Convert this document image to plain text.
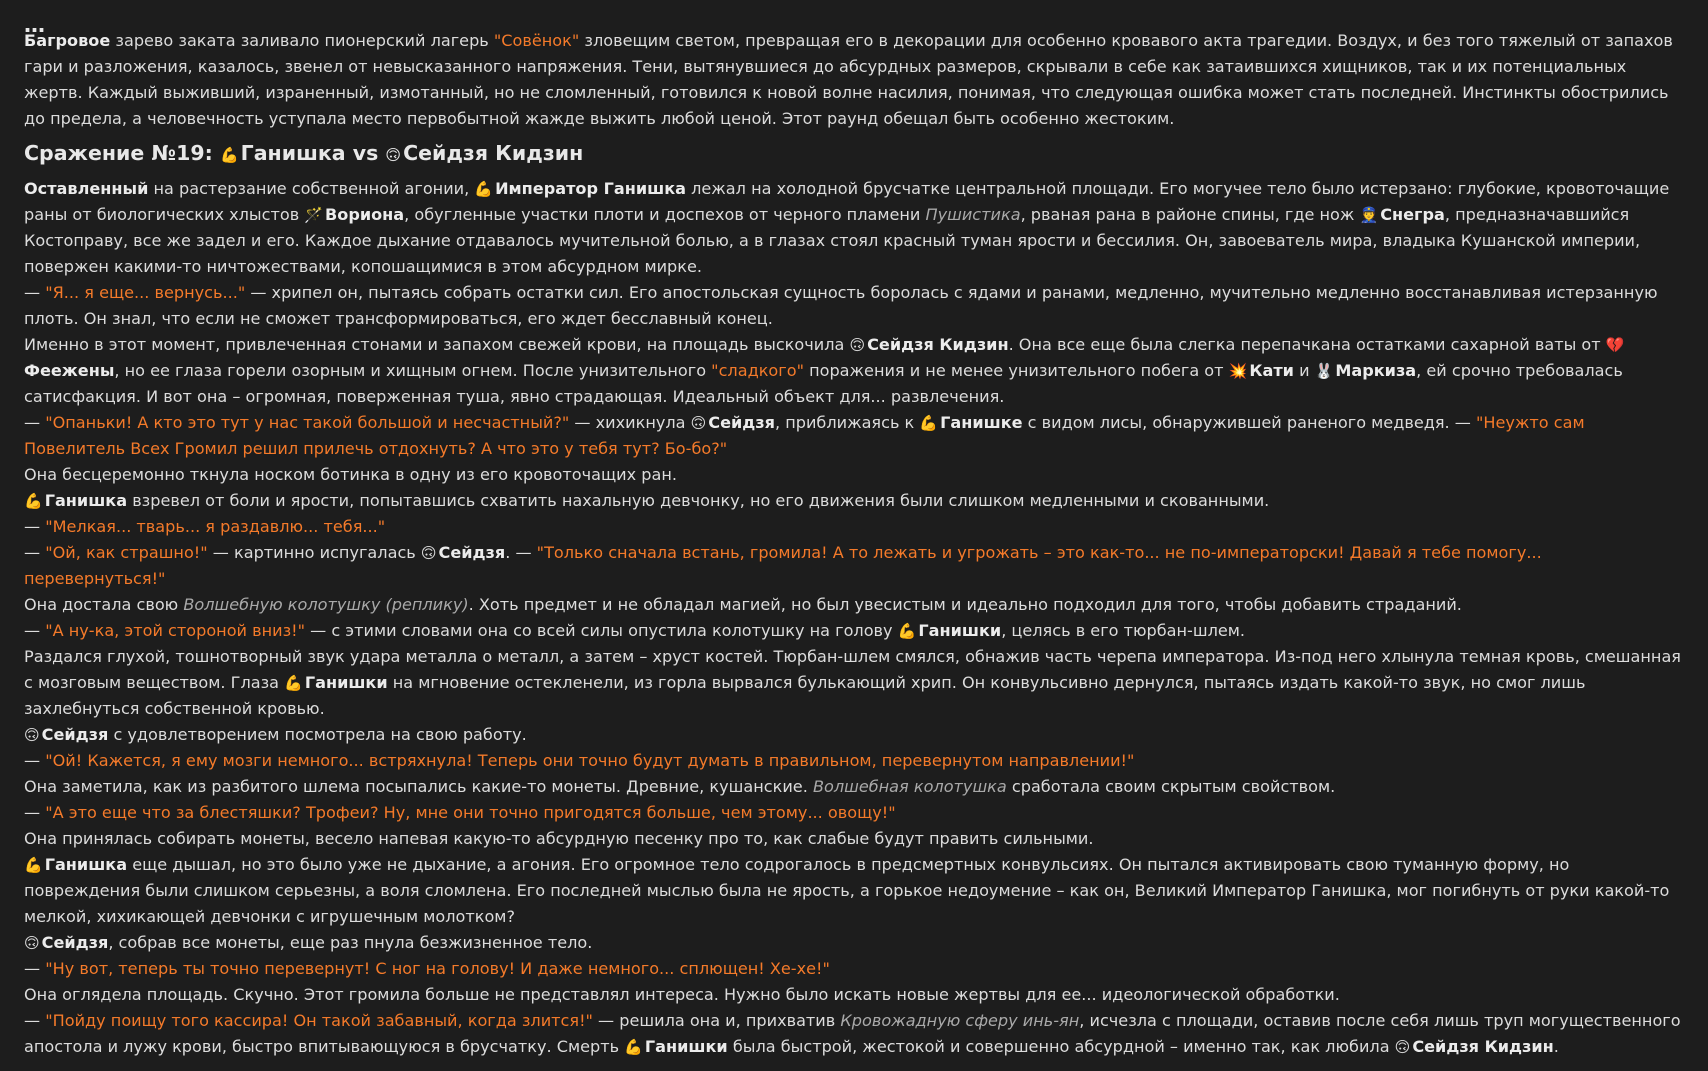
…

Багровое зарево заката заливало пионерский лагерь "Совёнок" зловещим светом, превращая его в декорации для особенно кровавого акта трагедии. Воздух, и без того тяжелый от запахов гари и разложения, казалось, звенел от невысказанного напряжения. Тени, вытянувшиеся до абсурдных размеров, скрывали в себе как затаившихся хищников, так и их потенциальных жертв. Каждый выживший, израненный, измотанный, но не сломленный, готовился к новой волне насилия, понимая, что следующая ошибка может стать последней. Инстинкты обострились до предела, а человечность уступала место первобытной жажде выжить любой ценой. Этот раунд обещал быть особенно жестоким.

Сражение №19: 💪Ганишка vs 🙃Сейдзя Кидзин

Оставленный на растерзание собственной агонии, 💪 Император Ганишка лежал на холодной брусчатке центральной площади. Его могучее тело было истерзано: глубокие, кровоточащие раны от биологических хлыстов 🪄 Вориона, обугленные участки плоти и доспехов от черного пламени Пушистика, рваная рана в районе спины, где нож 👮 Снегра, предназначавшийся Костоправу, все же задел и его. Каждое дыхание отдавалось мучительной болью, а в глазах стоял красный туман ярости и бессилия. Он, завоеватель мира, владыка Кушанской империи, повержен какими-то ничтожествами, копошащимися в этом абсурдном мирке.

— "Я... я еще... вернусь..." — хрипел он, пытаясь собрать остатки сил. Его апостольская сущность боролась с ядами и ранами, медленно, мучительно медленно восстанавливая истерзанную плоть. Он знал, что если не сможет трансформироваться, его ждет бесславный конец.

Именно в этот момент, привлеченная стонами и запахом свежей крови, на площадь выскочила 🙃 Сейдзя Кидзин. Она все еще была слегка перепачкана остатками сахарной ваты от 💔Феежены, но ее глаза горели озорным и хищным огнем. После унизительного "сладкого" поражения и не менее унизительного побега от 💥 Кати и 🐰 Маркиза, ей срочно требовалась сатисфакция. И вот она – огромная, поверженная туша, явно страдающая. Идеальный объект для... развлечения.

— "Опаньки! А кто это тут у нас такой большой и несчастный?" — хихикнула 🙃 Сейдзя, приближаясь к 💪 Ганишке с видом лисы, обнаружившей раненого медведя. — "Неужто сам Повелитель Всех Громил решил прилечь отдохнуть? А что это у тебя тут? Бо-бо?"

Она бесцеремонно ткнула носком ботинка в одну из его кровоточащих ран.

💪 Ганишка взревел от боли и ярости, попытавшись схватить нахальную девчонку, но его движения были слишком медленными и скованными.

— "Мелкая... тварь... я раздавлю... тебя..."

— "Ой, как страшно!" — картинно испугалась 🙃 Сейдзя. — "Только сначала встань, громила! А то лежать и угрожать – это как-то... не по-императорски! Давай я тебе помогу... перевернуться!"

Она достала свою Волшебную колотушку (реплику). Хоть предмет и не обладал магией, но был увесистым и идеально подходил для того, чтобы добавить страданий.

— "А ну-ка, этой стороной вниз!" — с этими словами она со всей силы опустила колотушку на голову 💪 Ганишки, целясь в его тюрбан-шлем.

Раздался глухой, тошнотворный звук удара металла о металл, а затем – хруст костей. Тюрбан-шлем смялся, обнажив часть черепа императора. Из-под него хлынула темная кровь, смешанная с мозговым веществом. Глаза 💪 Ганишки на мгновение остекленели, из горла вырвался булькающий хрип. Он конвульсивно дернулся, пытаясь издать какой-то звук, но смог лишь захлебнуться собственной кровью.

🙃 Сейдзя с удовлетворением посмотрела на свою работу.

— "Ой! Кажется, я ему мозги немного... встряхнула! Теперь они точно будут думать в правильном, перевернутом направлении!"

Она заметила, как из разбитого шлема посыпались какие-то монеты. Древние, кушанские. Волшебная колотушка сработала своим скрытым свойством.

— "А это еще что за блестяшки? Трофеи? Ну, мне они точно пригодятся больше, чем этому... овощу!"

Она принялась собирать монеты, весело напевая какую-то абсурдную песенку про то, как слабые будут править сильными.

💪 Ганишка еще дышал, но это было уже не дыхание, а агония. Его огромное тело содрогалось в предсмертных конвульсиях. Он пытался активировать свою туманную форму, но повреждения были слишком серьезны, а воля сломлена. Его последней мыслью была не ярость, а горькое недоумение – как он, Великий Император Ганишка, мог погибнуть от руки какой-то мелкой, хихикающей девчонки с игрушечным молотком?

🙃 Сейдзя, собрав все монеты, еще раз пнула безжизненное тело.

— "Ну вот, теперь ты точно перевернут! С ног на голову! И даже немного... сплющен! Хе-хе!"

Она оглядела площадь. Скучно. Этот громила больше не представлял интереса. Нужно было искать новые жертвы для ее... идеологической обработки.

— "Пойду поищу того кассира! Он такой забавный, когда злится!" — решила она и, прихватив Кровожадную сферу инь-ян, исчезла с площади, оставив после себя лишь труп могущественного апостола и лужу крови, быстро впитывающуюся в брусчатку. Смерть 💪 Ганишки была быстрой, жестокой и совершенно абсурдной – именно так, как любила 🙃 Сейдзя Кидзин.
